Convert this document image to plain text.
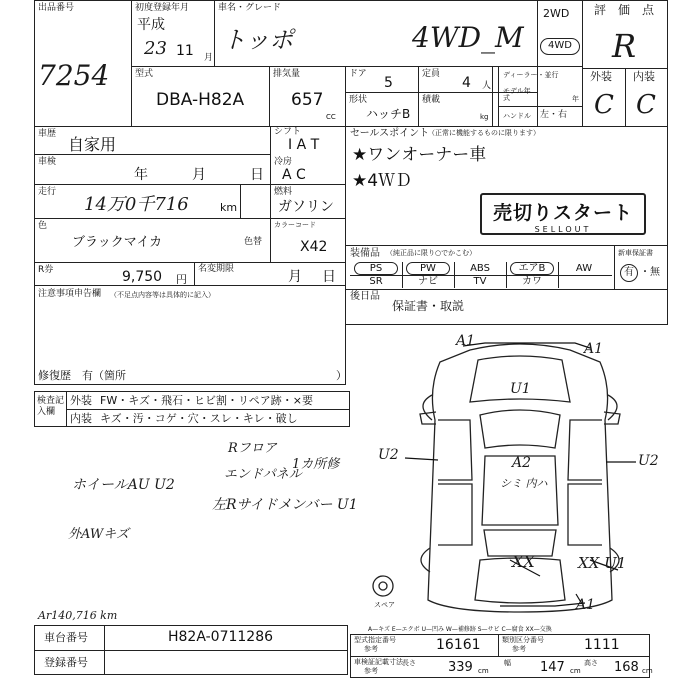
出品番号
7254
初度登録年月
平成
23 11 月
車名・グレード
トッポ	4WD_M
2WD
4WD
評　価　点
R
外装 内装
C C
型式
DBA-H82A
排気量
657
CC
ドア
5
定員
4 人
形状
ハッチB
積載
kg
ディーラー・並行
モデル年式	年
ハンドル 左・右
車歴
自家用
シフト
I A T
車検
年	月	日
冷房
A C
走行
14万0千716	km
燃料
ガソリン
色
ブラックマイカ	色替
カラーコード
X42
R券	9,750 円
名変期限	月 日
注意事項申告欄 （不足点内容等は具体的に記入）
修復歴 有（箇所	）
検査記入欄
外装 FW・キズ・飛石・ヒビ割・リペア跡・×要
内装 キズ・汚・コゲ・穴・スレ・キレ・破し
セールスポイント
（正常に機能するものに限ります）
★ワンオーナー車
★4ＷＤ
売切りスタート
SELLOUT
装備品 （純正品に限り○でかこむ）	新車保証書
有 ・ 無
PS	PW	ABS	エアB	AW
SR	ナビ	TV	カワ
後日品
保証書・取説
スペア
A1	A1
U1
U2	U2
A2
シミ 内ハ
XX	XX U1
A1
ホイールAU U2
Rフロア
エンドパネル
1カ所修
左Rサイドメンバー U1
外AWキズ
Ar140,716 km
車台番号	H82A-0711286
登録番号
A—キズ E—エクボ U—凹み W—補修跡 S—サビ C—腐食 XX—交換
型式指定番号
参考	16161	類別区分番号
参考	1111
車検証記載寸法
参考
長さ 339 cm
幅 147 cm
高さ 168 cm
